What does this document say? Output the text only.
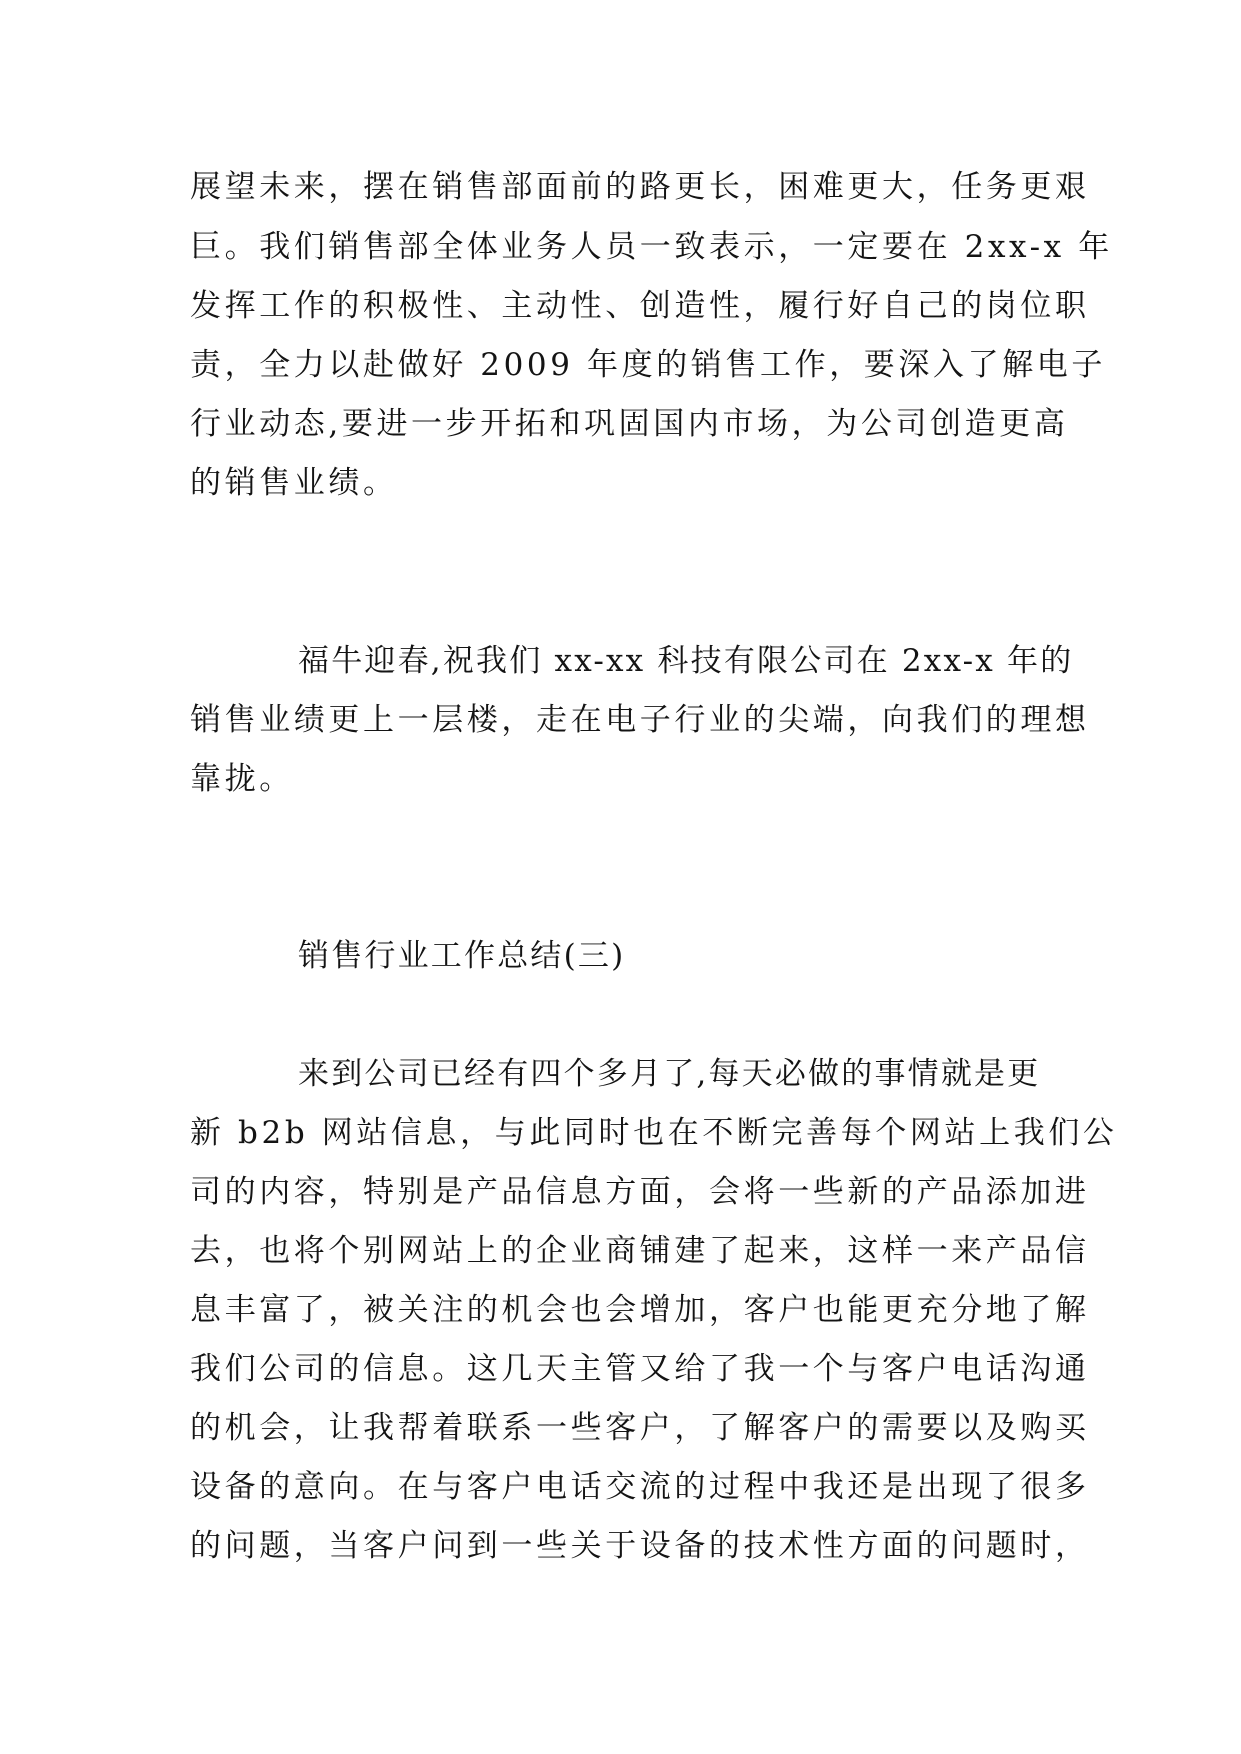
展望未来，摆在销售部面前的路更长，困难更大，任务更艰
巨。我们销售部全体业务人员一致表示，一定要在 2xx-x 年
发挥工作的积极性、主动性、创造性，履行好自己的岗位职
责，全力以赴做好 2009 年度的销售工作，要深入了解电子
行业动态,要进一步开拓和巩固国内市场，为公司创造更高
的销售业绩。
福牛迎春,祝我们 xx-xx 科技有限公司在 2xx-x 年的
销售业绩更上一层楼，走在电子行业的尖端，向我们的理想
靠拢。
销售行业工作总结(三)
来到公司已经有四个多月了,每天必做的事情就是更
新 b2b 网站信息，与此同时也在不断完善每个网站上我们公
司的内容，特别是产品信息方面，会将一些新的产品添加进
去，也将个别网站上的企业商铺建了起来，这样一来产品信
息丰富了，被关注的机会也会增加，客户也能更充分地了解
我们公司的信息。这几天主管又给了我一个与客户电话沟通
的机会，让我帮着联系一些客户，了解客户的需要以及购买
设备的意向。在与客户电话交流的过程中我还是出现了很多
的问题，当客户问到一些关于设备的技术性方面的问题时，
